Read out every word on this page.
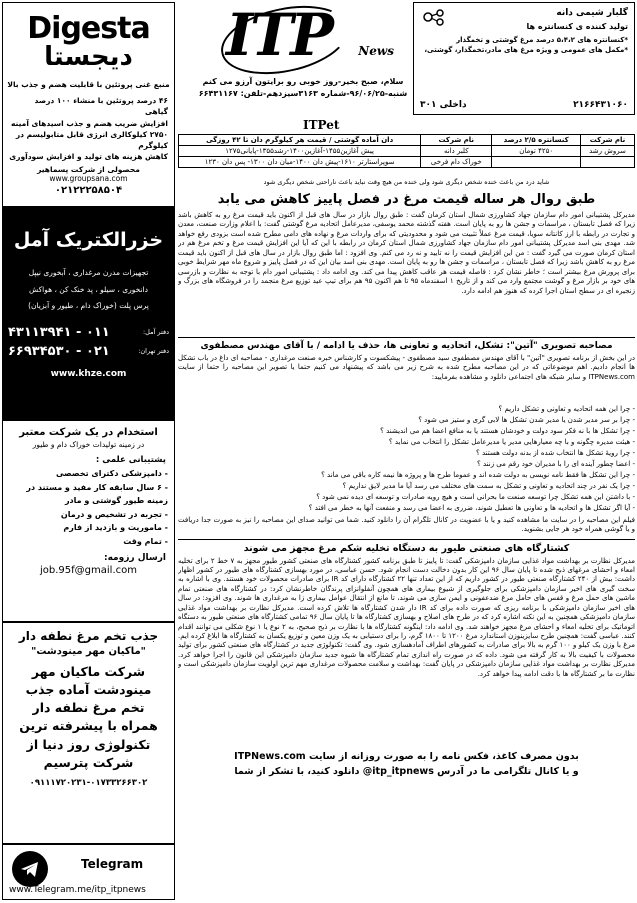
Digesta
دیجستا
منبع غنی پروتئین با قابلیت هضم و جذب بالا
۴۶ درصد پروتئین با منشاء ۱۰۰ درصد گیاهی
افزایش ضریب هضم و جذب اسیدهای آمینه
۲۷۵۰ کیلوکالری انرژی قابل متابولیسم در کیلوگرم
کاهش هزینه های تولید و افزایش سودآوری
محصولی از شرکت پسماهیر
www.groupsana.com
۰۲۱۲۲۲۵۸۵۰۴
خزرالکتریک آمل
تجهیزات مدرن مرغداری ، آبخوری نیپل
دانخوری ، سیلو ، پد خنک کن ، هواکش
پرس پلت (خوراک دام ، طیور و آبزیان)
دفتر آمل:
۰۱۱ - ۴۳۱۱۳۹۴۱
دفتر تهران:
۰۲۱ - ۶۶۹۳۴۵۳۰
www.khze.com
استخدام در یک شرکت معتبر
در زمینه تولیدات خوراک دام و طیور
پشتیبانی علمی :
- دامپزشکی دکترای تخصصی
- ۶ سال سابقه کار مفید و مستند در
زمینه طیور گوشتی و مادر
- تجربه در تشخیص و درمان
- ماموریت و بازدید از فارم
- تمام وقت
ارسال رزومه:
job.95f@gmail.com
جذب تخم مرغ نطفه دار
"ماکیان مهر مینودشت"
شرکت ماکیان مهر
مینودشت آماده جذب
تخم مرغ نطفه دار
همراه با پیشرفته ترین
تکنولوژی روز دنیا از
شرکت پترسیم
۰۹۱۱۱۷۲۰۲۳۱-۰۱۷۳۳۲۶۶۳۰۲
Telegram
www.Telegram.me/itp_itpnews
ITP News
سلام، صبح بخیر-روز خوبی رو برایتون آرزو می کنم
شنبه-۹۶/۰۶/۲۵-شماره ۳۱۶۳سیزدهم-تلفن: ۶۶۴۳۱۱۶۷
گلبار شیمی دانه
تولید کننده ی کنسانتره ها
*کنسانتره های ۵،۴،۲ درصد مرغ گوشتی و تخمگذار
*مکمل های عمومی و ویژه مرغ های مادر،تخمگذار، گوشتی،
داخلی ۳۰۱	۲۱۶۶۴۳۱۰۶۰
ITPet
نام شرکت	کنسانتره ۲/۵ درصد	نام شرکت	دان آماده گوشتی / قیمت هر کیلوگرم دان تا ۴۲ روزگی
سروش رشد	۴۲۵۰ تومان	کلبر دانه	پیش آغازین۱۴۵۵-آغازین۱۴۰۰-رشد۱۳۵۵-پایانی۱۲۷۵
		خوراک دام فرخی	سوپراستارتر ۱۶۱۰-پیش دان ۱۴۰۰-میان دان ۱۳۰۰- پس دان ۱۲۳۰
شاید درد من باعث خنده شخص دیگری شود ولی خنده من هیچ وقت نباید باعث ناراحتی شخص دیگری شود
طبق روال هر ساله قیمت مرغ در فصل پاییز کاهش می یابد
مدیرکل پشتیبانی امور دام سازمان جهاد کشاورزی شمال استان کرمان گفت : طبق روال بازار در سال های قبل از اکنون باید قیمت مرغ رو به کاهش باشد زیرا که فصل تابستان ، مراسمات و جشن ها رو به پایان است. هفته گذشته محمد یوسفی، مدیرعامل اتحادیه مرغ گوشتی گفت: با اعلام وزارت صنعت، معدن و تجارت در رابطه با ارز کانتانه سویا، قیمت مرغ عملاً تثبیت می شود و محدودیتی که برای واردات مرغ و نهاده های دامی مطرح شده است بزودی رفع خواهد شد. مهدی بنی اسد مدیرکل پشتیبانی امور دام سازمان جهاد کشاورزی شمال استان کرمان در رابطه با این که آیا این افزایش قیمت مرغ و تخم مرغ هم در استان کرمان صورت می گیرد گفت : من این افزایش قیمت را نه تایید و نه رد می کنم. وی افزود : اما طبق روال بازار در سال های قبل از اکنون باید قیمت مرغ رو به کاهش باشد زیرا که فصل تابستان ، مراسمات و جشن ها رو به پایان است. مهدی بنی اسد بیان این که در فصل پاییز و شروع ماه مهر شرایط خوبی برای پرورش مرغ بیشتر است ؛ خاطر نشان کرد : فاصله قیمت هر عاقب کاهش پیدا می کند. وی ادامه داد : پشتیبانی امور دام با توجه به نظارت و بازرسی های خود بر بازار مرغ و گوشت مجتمع وارد می کند و از تاریخ ۱ اسفندماه ۹۵ تا هم اکنون ۹۵ هم برای تیپ عید توزیع مرغ منجمد را در فروشگاه های بزرگ و زنجیره ای در سطح استان اجرا کرده که هنوز هم ادامه دارد.
مصاحبه تصویری "آتین": تشکل، اتحادیه و تعاونی ها، حذف یا ادامه / با آقای مهندس مصطفوی
در این بخش از برنامه تصویری "آتین" با آقای مهندس مصطفوی سید مصطفوی - پیشکسوت و کارشناس خبره صنعت مرغداری - مصاحبه ای داغ در باب تشکل ها انجام دادیم. اهم موضوعاتی که در این مصاحبه مطرح شده به شرح زیر می باشد که پیشنهاد می کنیم حتما یا تصویر این مصاحبه را حتما از سایت ITPNews.com و سایر شبکه های اجتماعی دانلود و مشاهده بفرمایید:
- چرا این همه اتحادیه و تعاونی و تشکل داریم ؟
- چرا بر سر مدیر شدن یا مدیر شدن تشکل ها لابی گری و ستیز می شود ؟
- چرا تشکل ها با نه فکر سود دولت و خودشان هستند یا به منافع اعضا هم می اندیشند ؟
- هیئت مدیره چگونه و با چه معیارهایی مدیر یا مدیرعامل تشکل را انتخاب می نماید ؟
- چرا رویهٔ تشکل ها انتخاب شده از بدنه دولت هستند ؟
- اعضا چطور آینده ای را با مدیران خود رقم می زنند ؟
- چرا این تشکل ها فقط نامه نویسی به دولت شده اند و عموما طرح ها و پروژه ها نیمه کاره باقی می ماند ؟
- چرا یک نفر در چند اتحادیه و تعاونی و تشکل به سمت های مختلف می رسد آیا ما مدیر لایق نداریم ؟
- با داشتن این همه تشکل چرا توسعه صنعت ما بحرانی است و هیچ رویه صادرات و توسعه ای دیده نمی شود ؟
- آیا اگر تشکل ها و اتحادیه ها و تعاونی ها تعطیل شوند، ضرری به اعضا می رسد و منفعت آنها به خطر می افتد ؟
فیلم این مصاحبه را در سایت ما مشاهده کنید و یا با عضویت در کانال تلگرام آن را دانلود کنید. شما می توانید صدای این مصاحبه را نیز به صورت جدا دریافت و یا گوشی همراه خود هر جایی بشنوید.
کشتارگاه های صنعتی طیور به دستگاه تخلیه شکم مرغ مجهز می شوند
مدیرکل نظارت بر بهداشت مواد غذایی سازمان دامپزشکی گفت: تا پاییز تا طبق برنامه کشور کشتارگاه های صنعتی کشور طیور مجهز به ۷ خط ۲ برای تخلیه امعاء و احشای مرغهای ذبح شده تا پایان سال ۹۶ این کار بدون دخالت دست انجام شود. حسن عباسی، در مورد بهسازی کشتارگاه های طیور در کشور اظهار داشت: بیش از ۲۴۰ کشتارگاه صنعتی طیور در کشور داریم که از این تعداد تنها ۲۲ کشتارگاه دارای کد IR برای صادرات محصولات خود هستند. وی با اشاره به سخت گیری های اخیر سازمان دامپزشکی برای جلوگیری از شیوع بیماری های همچون آنفلوانزای پرندگان خاطرنشان کرد: در کشتارگاه های صنعتی تمام ماشین های حمل مرغ و قفس های حامل مرغ ضدعفونی و ایمن سازی می شوند، تا مانع از انتقال عوامل بیماری زا به مرغداری ها شوند. وی افزود: در سال های اخیر سازمان دامپزشکی با برنامه ریزی که صورت داده برای کد IR دار شدن کشتارگاه ها تلاش کرده است. مدیرکل نظارت بر بهداشت مواد غذایی سازمان دامپزشکی همچنین به این نکته اشاره کرد که در طرح های اصلاح و بهسازی کشتارگاه ها تا پایان سال ۹۶ تمامی کشتارگاه های صنعتی طیور به دستگاه اتوماتیک برای تخلیه امعاء و احشای مرغ مجهز خواهند شد. وی ادامه داد: اینگونه کشتارگاه ها با نظارت بر ذبح صحیح، به ۲ نوع یا ۱ نوع شکلی می توانند اقدام کنند. عباسی گفت: همچنین طرح سایزینوزن استاندارد مرغ ۱۲۰۰ تا ۱۸۰۰ گرم، را برای دستیابی به یک وزن معین و توزیع یکسان به کشتارگاه ها ابلاغ کرده ایم. مرغ با وزن یک کیلو و ۱۰۰ گرم به بالا برای صادرات به کشورهای اطراف آمادهسازی شود. وی گفت: تکنولوژی جدید در کشتارگاه های صنعتی کشور برای تولید محصولات با کیفیت بالا به کار گرفته می شود. داده که در صورت راه اندازی تمام کشتارگاه ها شیوه جدید سازمان دامپزشکی این قانون را اجرا خواهد کرد. مدیرکل نظارت بر بهداشت مواد غذایی سازمان دامپزشکی در پایان گفت: بهداشت و سلامت محصولات مرغداری مهم ترین اولویت سازمان دامپزشکی است و نظارت ما بر کشتارگاه ها با دقت ادامه پیدا خواهد کرد.
بدون مصرف کاغذ، فکس نامه را به صورت روزانه از سایت ITPNews.com
و یا کانال تلگرامی ما در آدرس itp_itpnews@ دانلود کنید، با تشکر از شما
